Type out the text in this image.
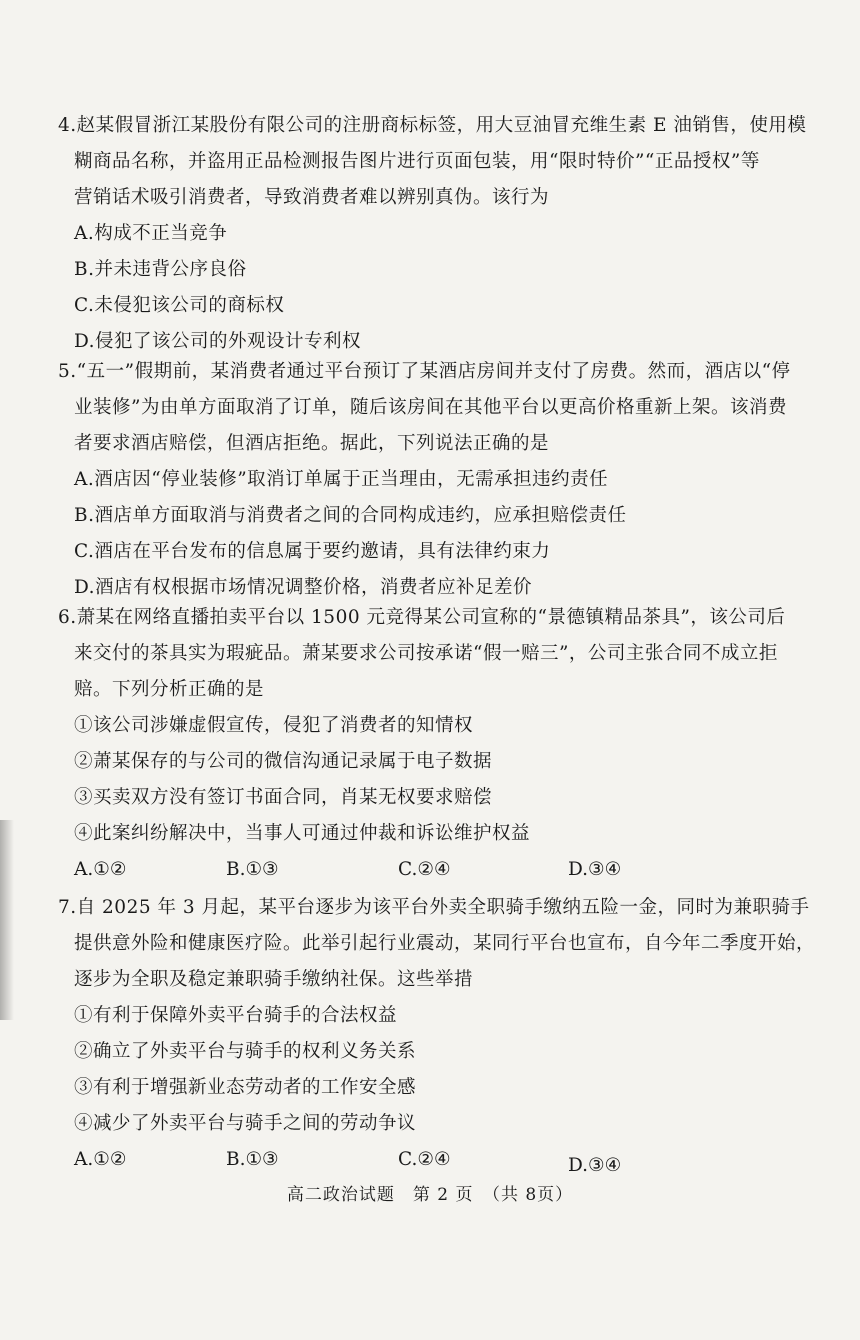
4.赵某假冒浙江某股份有限公司的注册商标标签，用大豆油冒充维生素 E 油销售，使用模
糊商品名称，并盗用正品检测报告图片进行页面包装，用“限时特价”“正品授权”等
营销话术吸引消费者，导致消费者难以辨别真伪。该行为
A.构成不正当竞争
B.并未违背公序良俗
C.未侵犯该公司的商标权
D.侵犯了该公司的外观设计专利权
5.“五一”假期前，某消费者通过平台预订了某酒店房间并支付了房费。然而，酒店以“停
业装修”为由单方面取消了订单，随后该房间在其他平台以更高价格重新上架。该消费
者要求酒店赔偿，但酒店拒绝。据此，下列说法正确的是
A.酒店因“停业装修”取消订单属于正当理由，无需承担违约责任
B.酒店单方面取消与消费者之间的合同构成违约，应承担赔偿责任
C.酒店在平台发布的信息属于要约邀请，具有法律约束力
D.酒店有权根据市场情况调整价格，消费者应补足差价
6.萧某在网络直播拍卖平台以 1500 元竞得某公司宣称的“景德镇精品茶具”，该公司后
来交付的茶具实为瑕疵品。萧某要求公司按承诺“假一赔三”，公司主张合同不成立拒
赔。下列分析正确的是
①该公司涉嫌虚假宣传，侵犯了消费者的知情权
②萧某保存的与公司的微信沟通记录属于电子数据
③买卖双方没有签订书面合同，肖某无权要求赔偿
④此案纠纷解决中，当事人可通过仲裁和诉讼维护权益
A.①②	B.①③	C.②④	D.③④
7.自 2025 年 3 月起，某平台逐步为该平台外卖全职骑手缴纳五险一金，同时为兼职骑手
提供意外险和健康医疗险。此举引起行业震动，某同行平台也宣布，自今年二季度开始，
逐步为全职及稳定兼职骑手缴纳社保。这些举措
①有利于保障外卖平台骑手的合法权益
②确立了外卖平台与骑手的权利义务关系
③有利于增强新业态劳动者的工作安全感
④减少了外卖平台与骑手之间的劳动争议
A.①②	B.①③	C.②④	D.③④
高二政治试题　第 2 页　（共 8页）
